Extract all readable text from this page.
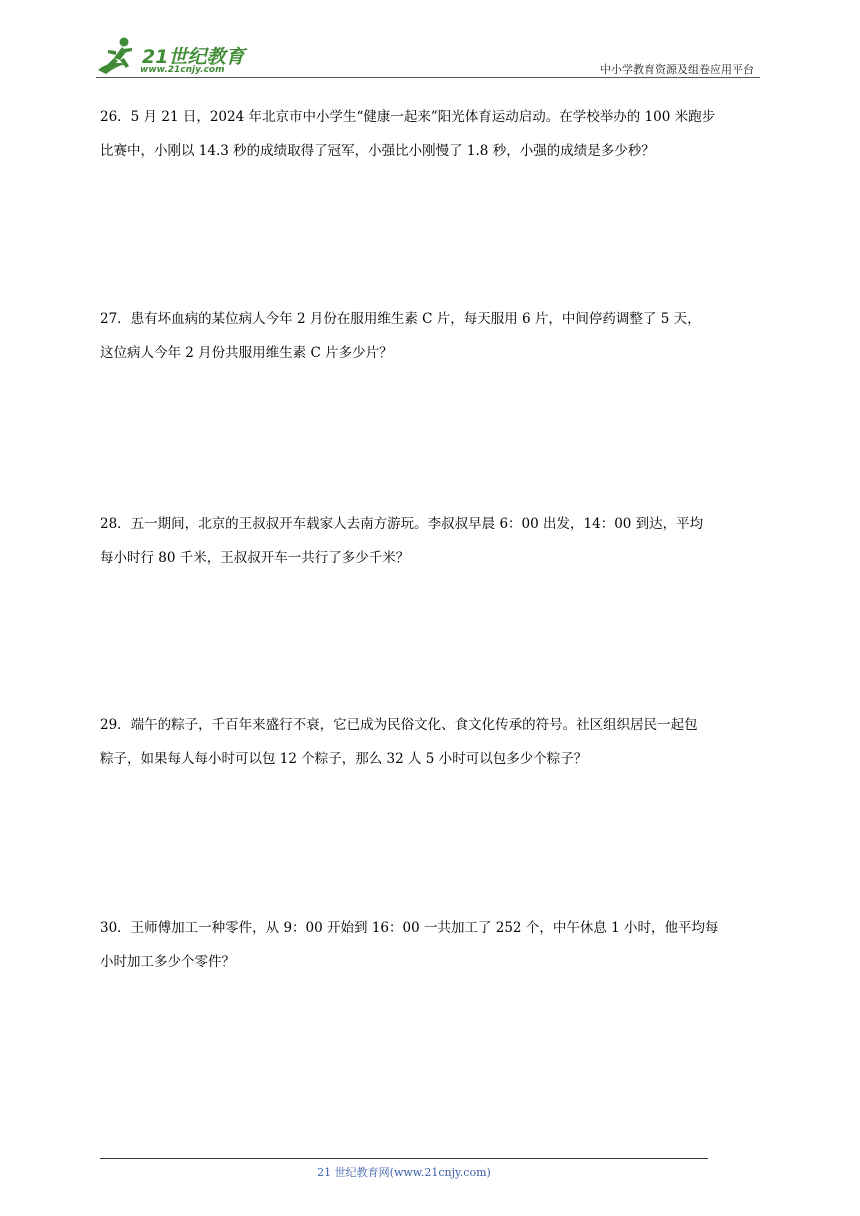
21世纪教育
www.21cnjy.com	中小学教育资源及组卷应用平台

26．5 月 21 日，2024 年北京市中小学生“健康一起来”阳光体育运动启动。在学校举办的 100 米跑步

比赛中，小刚以 14.3 秒的成绩取得了冠军，小强比小刚慢了 1.8 秒，小强的成绩是多少秒？

27．患有坏血病的某位病人今年 2 月份在服用维生素 C 片，每天服用 6 片，中间停药调整了 5 天，

这位病人今年 2 月份共服用维生素 C 片多少片？

28．五一期间，北京的王叔叔开车载家人去南方游玩。李叔叔早晨 6：00 出发，14：00 到达，平均

每小时行 80 千米，王叔叔开车一共行了多少千米？

29．端午的粽子，千百年来盛行不衰，它已成为民俗文化、食文化传承的符号。社区组织居民一起包

粽子，如果每人每小时可以包 12 个粽子，那么 32 人 5 小时可以包多少个粽子？

30．王师傅加工一种零件，从 9：00 开始到 16：00 一共加工了 252 个，中午休息 1 小时，他平均每

小时加工多少个零件？

21 世纪教育网(www.21cnjy.com)
